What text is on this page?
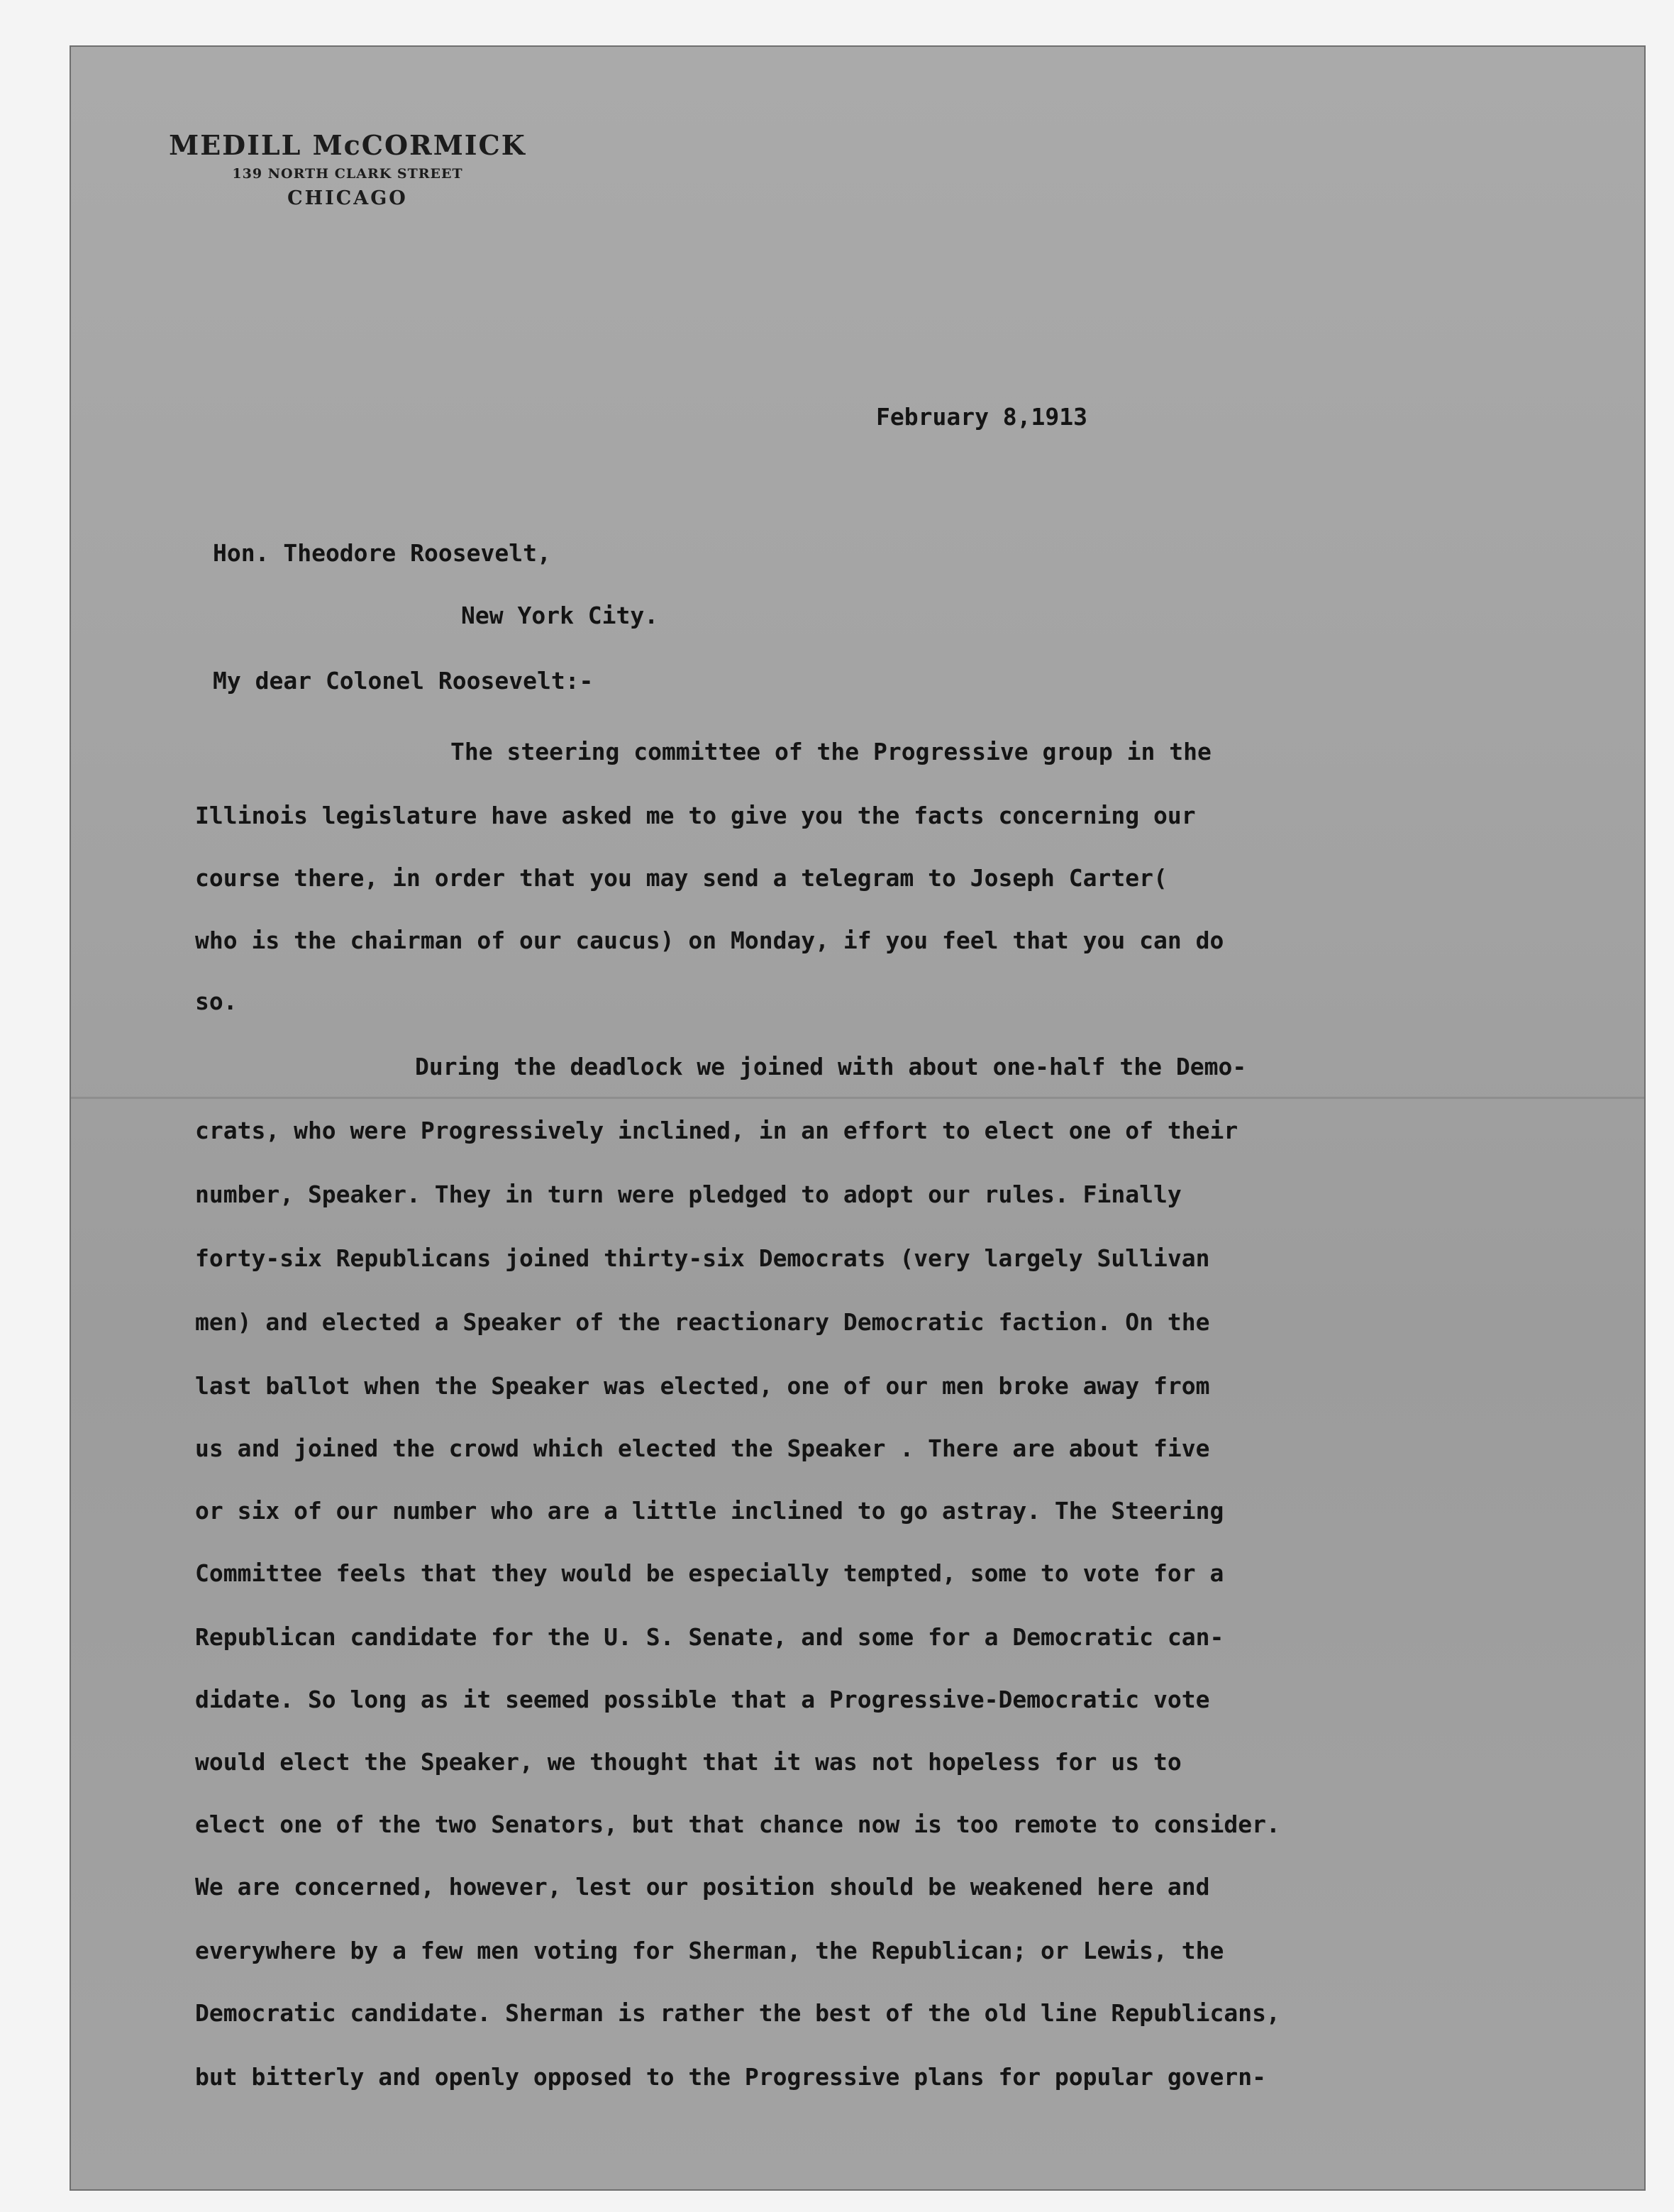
MEDILL McCORMICK
139 NORTH CLARK STREET
CHICAGO
February 8,1913
Hon. Theodore Roosevelt,
New York City.
My dear Colonel Roosevelt:-
The steering committee of the Progressive group in the
Illinois legislature have asked me to give you the facts concerning our
course there, in order that you may send a telegram to Joseph Carter(
who is the chairman of our caucus) on Monday, if you feel that you can do
so.
During the deadlock we joined with about one-half the Demo-
crats, who were Progressively inclined, in an effort to elect one of their
number, Speaker. They in turn were pledged to adopt our rules. Finally
forty-six Republicans joined thirty-six Democrats (very largely Sullivan
men) and elected a Speaker of the reactionary Democratic faction. On the
last ballot when the Speaker was elected, one of our men broke away from
us and joined the crowd which elected the Speaker . There are about five
or six of our number who are a little inclined to go astray. The Steering
Committee feels that they would be especially tempted, some to vote for a
Republican candidate for the U. S. Senate, and some for a Democratic can-
didate. So long as it seemed possible that a Progressive-Democratic vote
would elect the Speaker, we thought that it was not hopeless for us to
elect one of the two Senators, but that chance now is too remote to consider.
We are concerned, however, lest our position should be weakened here and
everywhere by a few men voting for Sherman, the Republican; or Lewis, the
Democratic candidate. Sherman is rather the best of the old line Republicans,
but bitterly and openly opposed to the Progressive plans for popular govern-
